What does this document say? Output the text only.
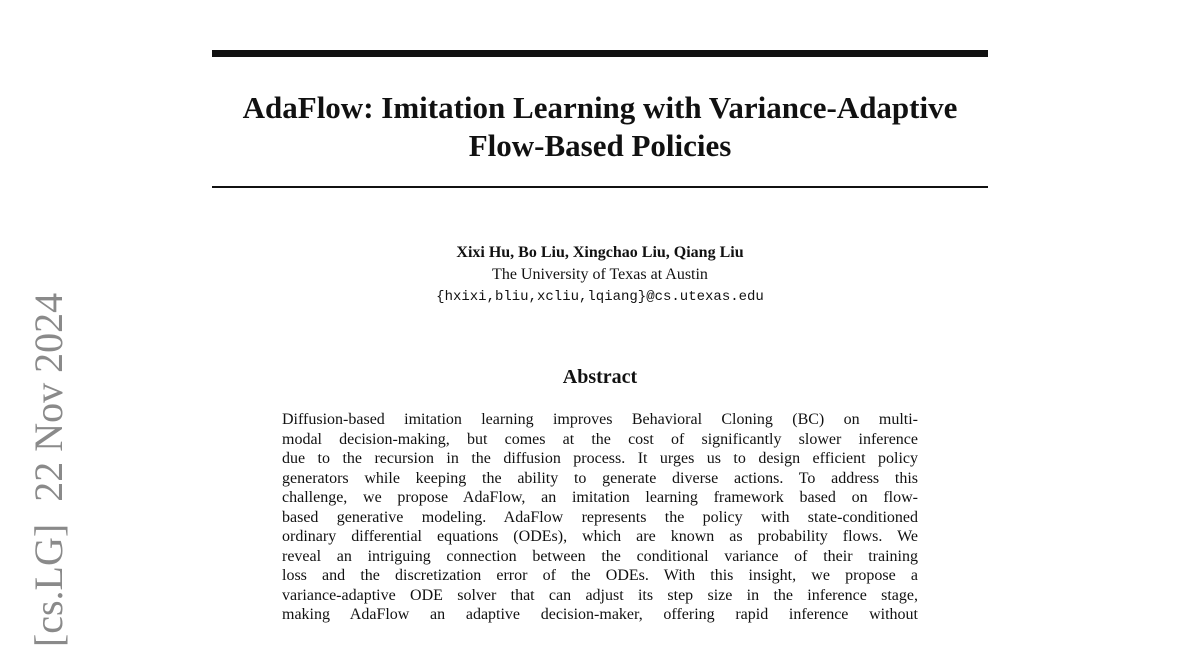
[cs.LG]22 Nov 2024
AdaFlow: Imitation Learning with Variance-Adaptive
Flow-Based Policies
Xixi Hu, Bo Liu, Xingchao Liu, Qiang Liu
The University of Texas at Austin
{hxixi,bliu,xcliu,lqiang}@cs.utexas.edu
Abstract
Diffusion-based imitation learning improves Behavioral Cloning (BC) on multi-
modal decision-making, but comes at the cost of significantly slower inference
due to the recursion in the diffusion process. It urges us to design efficient policy
generators while keeping the ability to generate diverse actions. To address this
challenge, we propose AdaFlow, an imitation learning framework based on flow-
based generative modeling. AdaFlow represents the policy with state-conditioned
ordinary differential equations (ODEs), which are known as probability flows. We
reveal an intriguing connection between the conditional variance of their training
loss and the discretization error of the ODEs. With this insight, we propose a
variance-adaptive ODE solver that can adjust its step size in the inference stage,
making AdaFlow an adaptive decision-maker, offering rapid inference without
